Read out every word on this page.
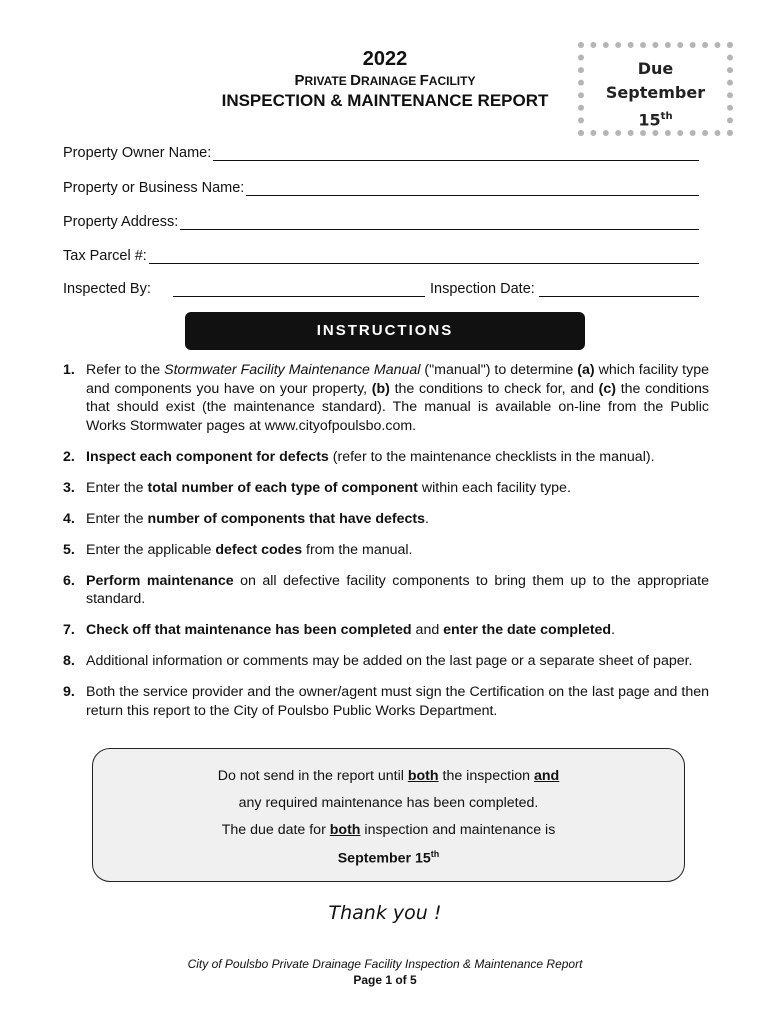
2022
PRIVATE DRAINAGE FACILITY
INSPECTION & MAINTENANCE REPORT
Due
September
15th
Property Owner Name:
Property or Business Name:
Property Address:
Tax Parcel #:
Inspected By:	Inspection Date:
INSTRUCTIONS
1. Refer to the Stormwater Facility Maintenance Manual ("manual") to determine (a) which facility type and components you have on your property, (b) the conditions to check for, and (c) the conditions that should exist (the maintenance standard). The manual is available on-line from the Public Works Stormwater pages at www.cityofpoulsbo.com.
2. Inspect each component for defects (refer to the maintenance checklists in the manual).
3. Enter the total number of each type of component within each facility type.
4. Enter the number of components that have defects.
5. Enter the applicable defect codes from the manual.
6. Perform maintenance on all defective facility components to bring them up to the appropriate standard.
7. Check off that maintenance has been completed and enter the date completed.
8. Additional information or comments may be added on the last page or a separate sheet of paper.
9. Both the service provider and the owner/agent must sign the Certification on the last page and then return this report to the City of Poulsbo Public Works Department.
Do not send in the report until both the inspection and
any required maintenance has been completed.
The due date for both inspection and maintenance is
September 15th
Thank you !
City of Poulsbo Private Drainage Facility Inspection & Maintenance Report
Page 1 of 5
